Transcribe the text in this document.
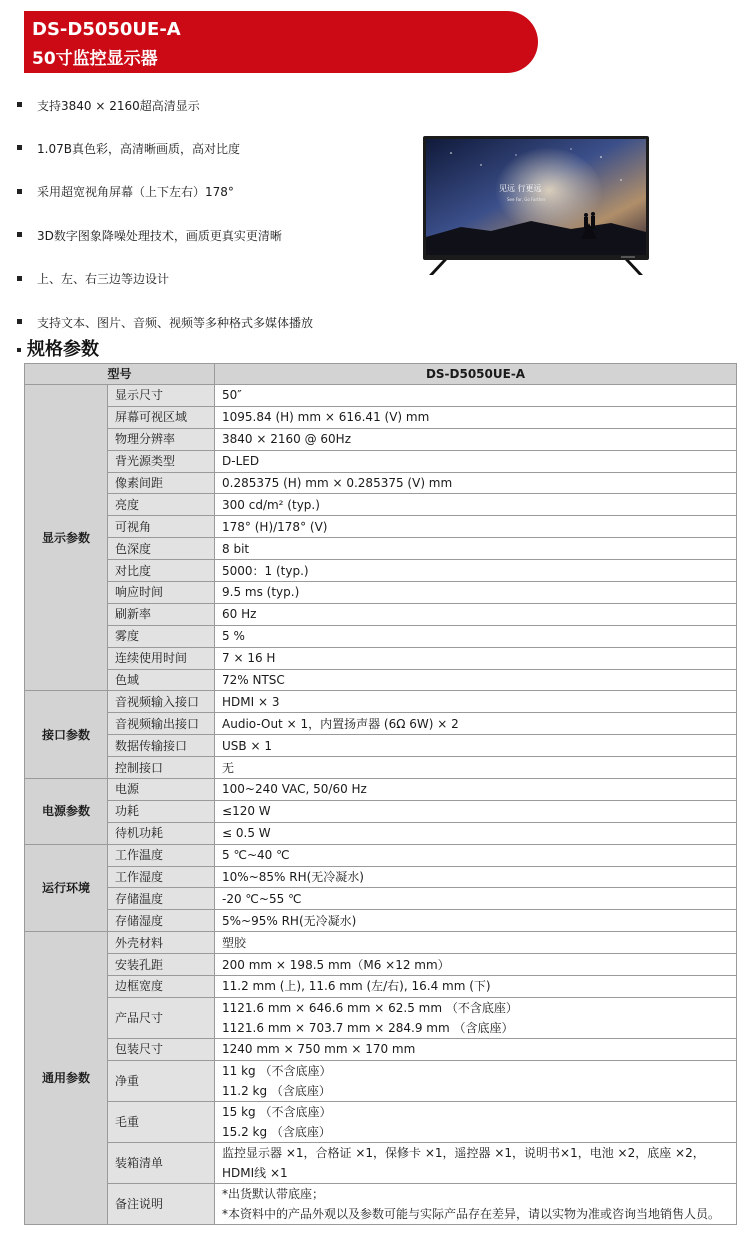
DS-D5050UE-A
50寸监控显示器
支持3840 × 2160超高清显示
1.07B真色彩，高清晰画质，高对比度
采用超宽视角屏幕（上下左右）178°
3D数字图象降噪处理技术，画质更真实更清晰
上、左、右三边等边设计
支持文本、图片、音频、视频等多种格式多媒体播放
见远 行更远
See Far, Go Farther
规格参数
型号		DS-D5050UE-A
显示参数	显示尺寸	50″

	屏幕可视区域	1095.84 (H) mm × 616.41 (V) mm

	物理分辨率	3840 × 2160 @ 60Hz

	背光源类型	D-LED

	像素间距	0.285375 (H) mm × 0.285375 (V) mm

	亮度	300 cd/m² (typ.)

	可视角	178° (H)/178° (V)

	色深度	8 bit

	对比度	5000：1 (typ.)

	响应时间	9.5 ms (typ.)

	刷新率	60 Hz

	雾度	5 %

	连续使用时间	7 × 16 H

	色域	72% NTSC

接口参数	音视频输入接口	HDMI × 3

	音视频输出接口	Audio-Out × 1，内置扬声器 (6Ω 6W) × 2

	数据传输接口	USB × 1

	控制接口	无

电源参数	电源	100~240 VAC, 50/60 Hz

	功耗	≤120 W

	待机功耗	≤ 0.5 W

运行环境	工作温度	5 ℃~40 ℃

	工作湿度	10%~85% RH(无冷凝水)

	存储温度	-20 ℃~55 ℃

	存储湿度	5%~95% RH(无冷凝水)

通用参数	外壳材料	塑胶

	安装孔距	200 mm × 198.5 mm（M6 ×12 mm）

	边框宽度	11.2 mm (上), 11.6 mm (左/右), 16.4 mm (下)

	产品尺寸	1121.6 mm × 646.6 mm × 62.5 mm （不含底座）
1121.6 mm × 703.7 mm × 284.9 mm （含底座）

	包装尺寸	1240 mm × 750 mm × 170 mm

	净重	11 kg （不含底座）
11.2 kg （含底座）

	毛重	15 kg （不含底座）
15.2 kg （含底座）

	装箱清单	监控显示器 ×1，合格证 ×1，保修卡 ×1，遥控器 ×1，说明书×1，电池 ×2，底座 ×2，
HDMI线 ×1

	备注说明	*出货默认带底座；
*本资料中的产品外观以及参数可能与实际产品存在差异，请以实物为准或咨询当地销售人员。
